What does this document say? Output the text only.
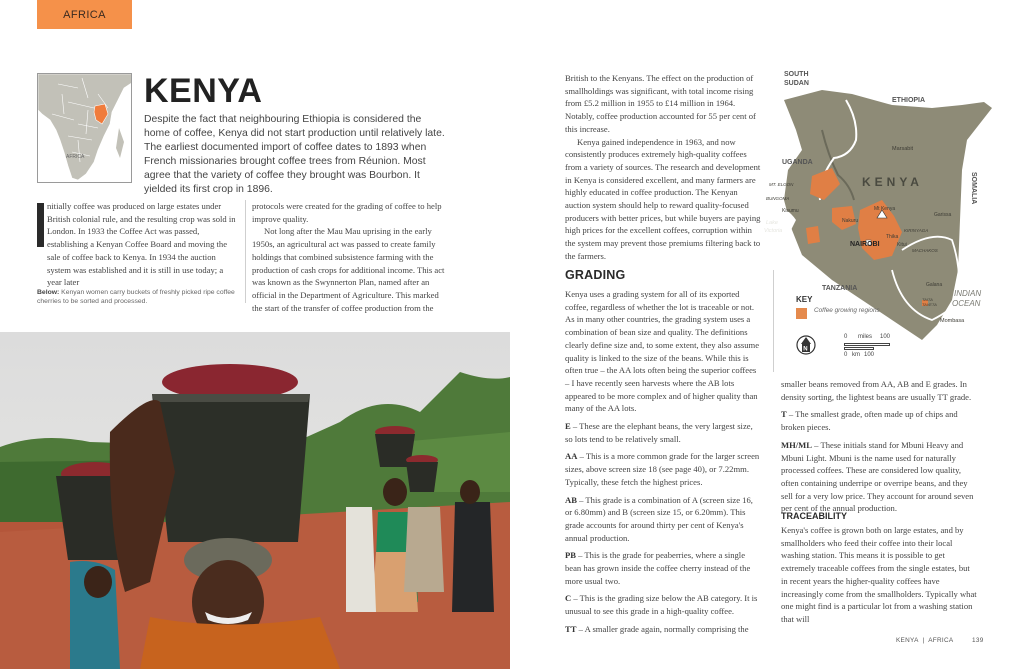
AFRICA
AFRICA
KENYA

Despite the fact that neighbouring Ethiopia is considered the home of coffee, Kenya did not start production until relatively late. The earliest documented import of coffee dates to 1893 when French missionaries brought coffee trees from Réunion. Most agree that the variety of coffee they brought was Bourbon. It yielded its first crop in 1896.

nitially coffee was produced on large estates under British colonial rule, and the resulting crop was sold in London. In 1933 the Coffee Act was passed, establishing a Kenyan Coffee Board and moving the sale of coffee back to Kenya. In 1934 the auction system was established and it is still in use today; a year later

Below: Kenyan women carry buckets of freshly picked ripe coffee cherries to be sorted and processed.

protocols were created for the grading of coffee to help improve quality.

Not long after the Mau Mau uprising in the early 1950s, an agricultural act was passed to create family holdings that combined subsistence farming with the production of cash crops for additional income. This act was known as the Swynnerton Plan, named after an official in the Department of Agriculture. This marked the start of the transfer of coffee production from the

British to the Kenyans. The effect on the production of smallholdings was significant, with total income rising from £5.2 million in 1955 to £14 million in 1964. Notably, coffee production accounted for 55 per cent of this increase.

Kenya gained independence in 1963, and now consistently produces extremely high-quality coffees from a variety of sources. The research and development in Kenya is considered excellent, and many farmers are highly educated in coffee production. The Kenyan auction system should help to reward quality-focused producers with better prices, but while buyers are paying high prices for the excellent coffees, corruption within the system may prevent those premiums filtering back to the farmers.

GRADING

Kenya uses a grading system for all of its exported coffee, regardless of whether the lot is traceable or not. As in many other countries, the grading system uses a combination of bean size and quality. The definitions clearly define size and, to some extent, they also assume quality is linked to the size of the beans. While this is often true – the AA lots often being the superior coffees – I have recently seen harvests where the AB lots appeared to be more complex and of higher quality than many of the AA lots.

E – These are the elephant beans, the very largest size, so lots tend to be relatively small.

AA – This is a more common grade for the larger screen sizes, above screen size 18 (see page 40), or 7.22mm. Typically, these fetch the highest prices.

AB – This grade is a combination of A (screen size 16, or 6.80mm) and B (screen size 15, or 6.20mm). This grade accounts for around thirty per cent of Kenya's annual production.

PB – This is the grade for peaberries, where a single bean has grown inside the coffee cherry instead of the more usual two.

C – This is the grading size below the AB category. It is unusual to see this grade in a high-quality coffee.

TT – A smaller grade again, normally comprising the

SOUTH
SUDAN
ETHIOPIA
UGANDA
TANZANIA
SOMALIA
KENYA
Marsabit
MT. ELGON
BUNGOMA
Kisumu
Lake
Victoria
Nakuru
Mt Kenya
NAIROBI
Thika
Kitui
Garissa
MACHAKOS
KIRINYAGA
Galana
TAITA
TAVETA
INDIAN
OCEAN
Mombasa
KEY
Coffee growing regions
N
0 miles 100
0 km 100

smaller beans removed from AA, AB and E grades. In density sorting, the lightest beans are usually TT grade.

T – The smallest grade, often made up of chips and broken pieces.

MH/ML – These initials stand for Mbuni Heavy and Mbuni Light. Mbuni is the name used for naturally processed coffees. These are considered low quality, often containing underripe or overripe beans, and they sell for a very low price. They account for around seven per cent of the annual production.

TRACEABILITY

Kenya's coffee is grown both on large estates, and by smallholders who feed their coffee into their local washing station. This means it is possible to get extremely traceable coffees from the single estates, but in recent years the higher-quality coffees have increasingly come from the smallholders. Typically what one might find is a particular lot from a washing station that will

KENYA  |  AFRICA	139
